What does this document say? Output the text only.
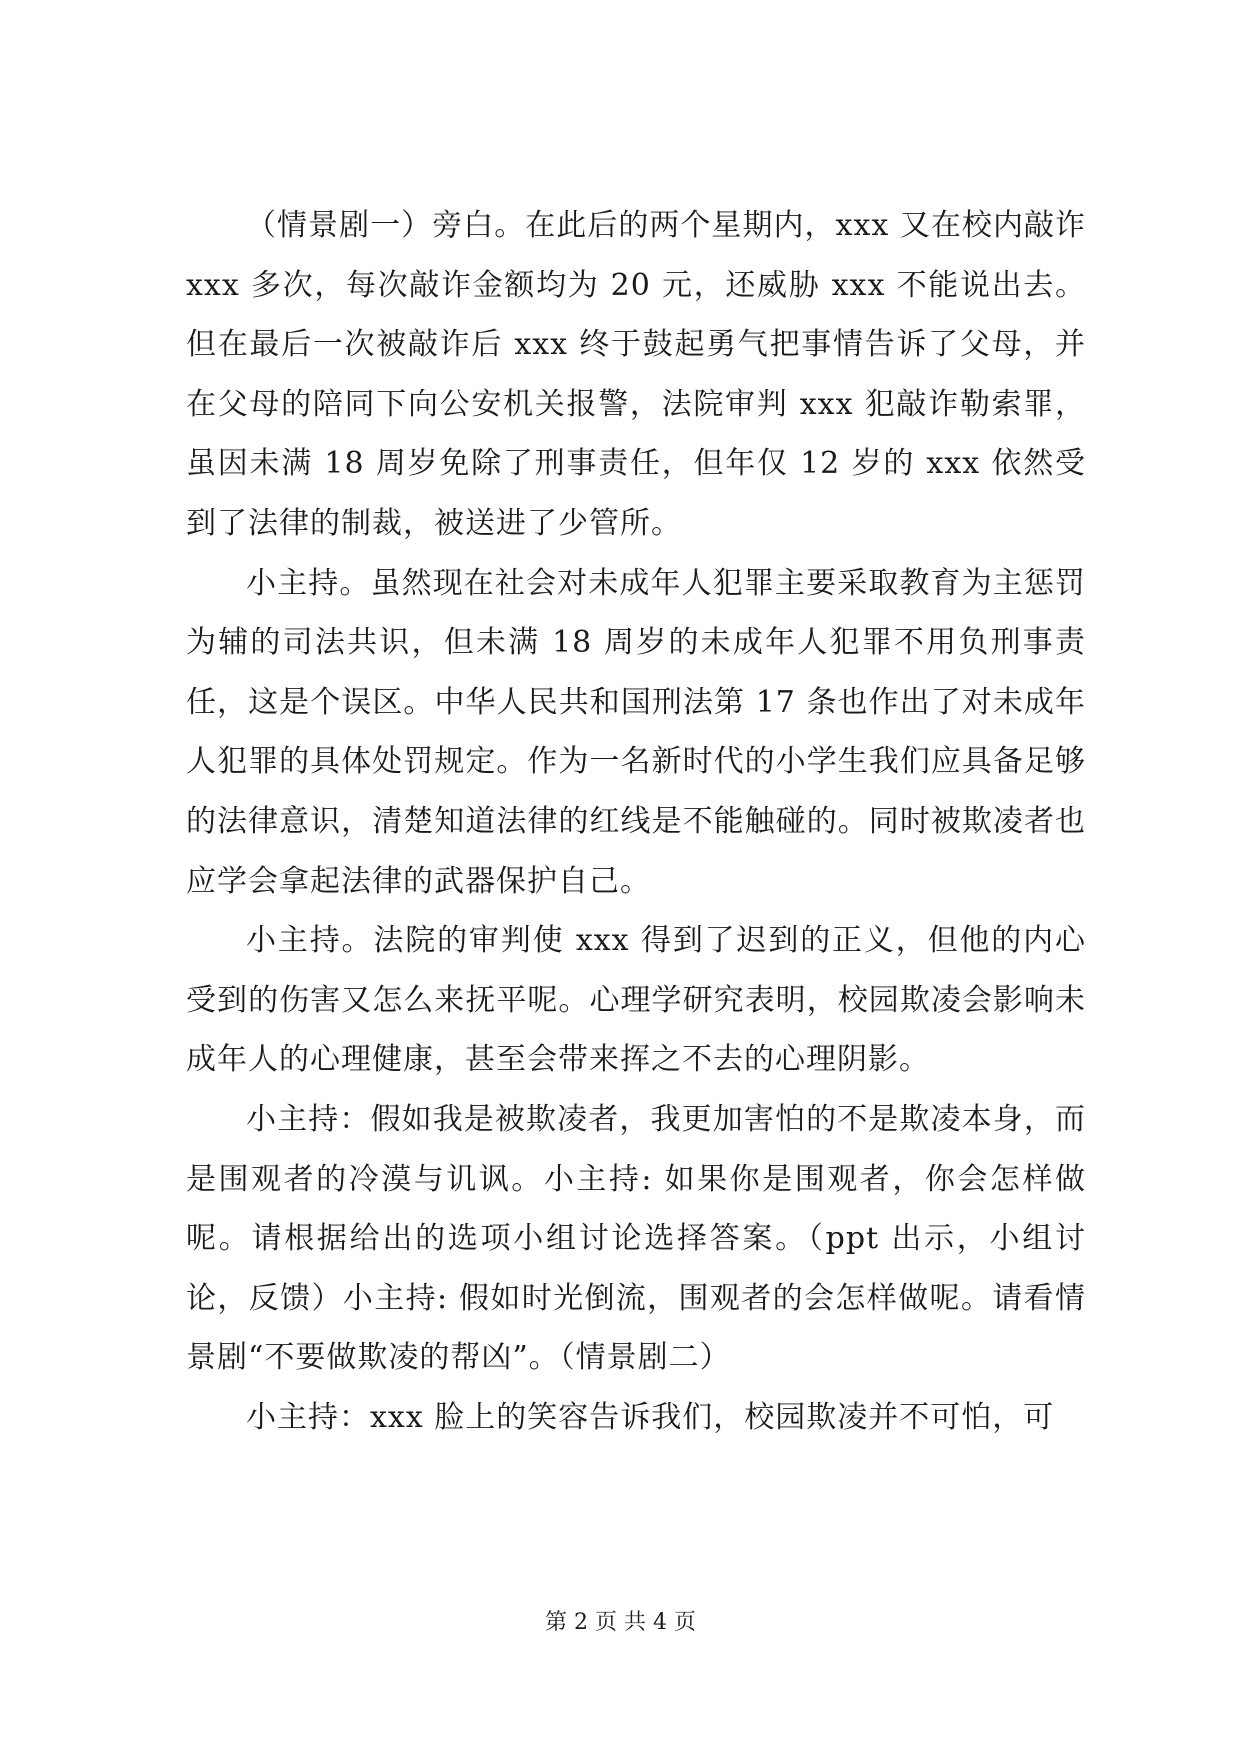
（情景剧一）旁白。在此后的两个星期内，xxx 又在校内敲诈 xxx 多次，每次敲诈金额均为 20 元，还威胁 xxx 不能说出去。但在最后一次被敲诈后 xxx 终于鼓起勇气把事情告诉了父母，并在父母的陪同下向公安机关报警，法院审判 xxx 犯敲诈勒索罪，虽因未满 18 周岁免除了刑事责任，但年仅 12 岁的 xxx 依然受到了法律的制裁，被送进了少管所。

小主持。虽然现在社会对未成年人犯罪主要采取教育为主惩罚为辅的司法共识，但未满 18 周岁的未成年人犯罪不用负刑事责任，这是个误区。中华人民共和国刑法第 17 条也作出了对未成年人犯罪的具体处罚规定。作为一名新时代的小学生我们应具备足够的法律意识，清楚知道法律的红线是不能触碰的。同时被欺凌者也应学会拿起法律的武器保护自己。

小主持。法院的审判使 xxx 得到了迟到的正义，但他的内心受到的伤害又怎么来抚平呢。心理学研究表明，校园欺凌会影响未成年人的心理健康，甚至会带来挥之不去的心理阴影。

小主持：假如我是被欺凌者，我更加害怕的不是欺凌本身，而是围观者的冷漠与讥讽。小主持: 如果你是围观者，你会怎样做呢。请根据给出的选项小组讨论选择答案。（ppt 出示，小组讨论，反馈）小主持: 假如时光倒流，围观者的会怎样做呢。请看情景剧“不要做欺凌的帮凶”。（情景剧二）

小主持：xxx 脸上的笑容告诉我们，校园欺凌并不可怕，可

第 2 页 共 4 页
